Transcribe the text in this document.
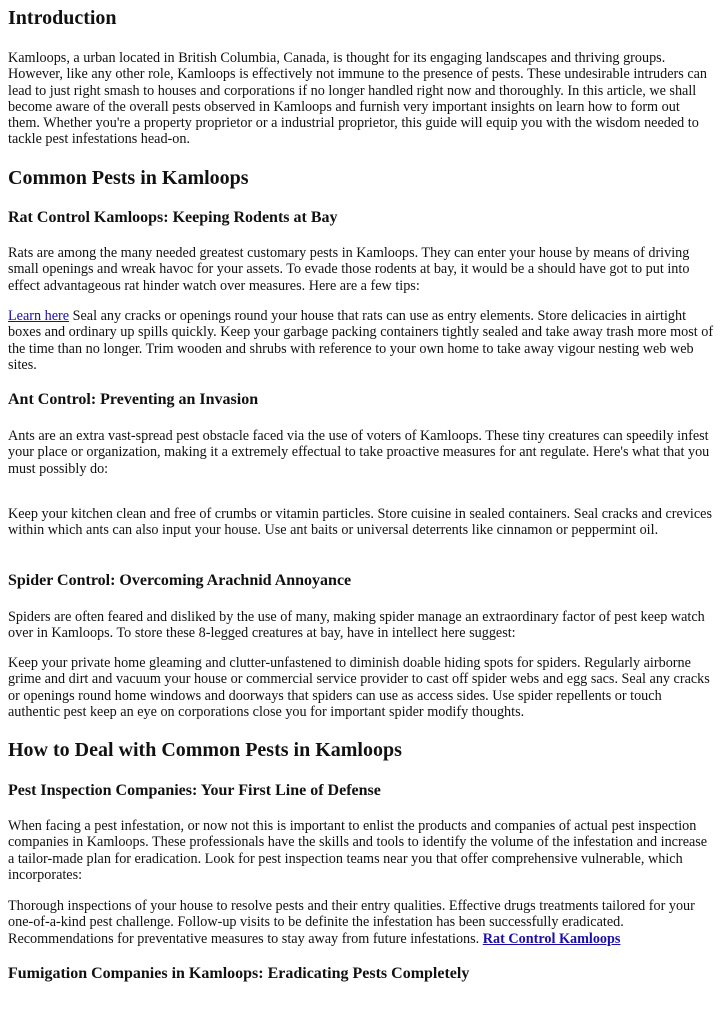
Introduction

Kamloops, a urban located in British Columbia, Canada, is thought for its engaging landscapes and thriving groups. However, like any other role, Kamloops is effectively not immune to the presence of pests. These undesirable intruders can lead to just right smash to houses and corporations if no longer handled right now and thoroughly. In this article, we shall become aware of the overall pests observed in Kamloops and furnish very important insights on learn how to form out them. Whether you're a property proprietor or a industrial proprietor, this guide will equip you with the wisdom needed to tackle pest infestations head-on.

Common Pests in Kamloops
Rat Control Kamloops: Keeping Rodents at Bay

Rats are among the many needed greatest customary pests in Kamloops. They can enter your house by means of driving small openings and wreak havoc for your assets. To evade those rodents at bay, it would be a should have got to put into effect advantageous rat hinder watch over measures. Here are a few tips:

Learn here Seal any cracks or openings round your house that rats can use as entry elements. Store delicacies in airtight boxes and ordinary up spills quickly. Keep your garbage packing containers tightly sealed and take away trash more most of the time than no longer. Trim wooden and shrubs with reference to your own home to take away vigour nesting web web sites.

Ant Control: Preventing an Invasion

Ants are an extra vast-spread pest obstacle faced via the use of voters of Kamloops. These tiny creatures can speedily infest your place or organization, making it a extremely effectual to take proactive measures for ant regulate. Here's what that you must possibly do:

Keep your kitchen clean and free of crumbs or vitamin particles. Store cuisine in sealed containers. Seal cracks and crevices within which ants can also input your house. Use ant baits or universal deterrents like cinnamon or peppermint oil.

Spider Control: Overcoming Arachnid Annoyance

Spiders are often feared and disliked by the use of many, making spider manage an extraordinary factor of pest keep watch over in Kamloops. To store these 8-legged creatures at bay, have in intellect here suggest:

Keep your private home gleaming and clutter-unfastened to diminish doable hiding spots for spiders. Regularly airborne grime and dirt and vacuum your house or commercial service provider to cast off spider webs and egg sacs. Seal any cracks or openings round home windows and doorways that spiders can use as access sides. Use spider repellents or touch authentic pest keep an eye on corporations close you for important spider modify thoughts.

How to Deal with Common Pests in Kamloops
Pest Inspection Companies: Your First Line of Defense

When facing a pest infestation, or now not this is important to enlist the products and companies of actual pest inspection companies in Kamloops. These professionals have the skills and tools to identify the volume of the infestation and increase a tailor-made plan for eradication. Look for pest inspection teams near you that offer comprehensive vulnerable, which incorporates:

Thorough inspections of your house to resolve pests and their entry qualities. Effective drugs treatments tailored for your one-of-a-kind pest challenge. Follow-up visits to be definite the infestation has been successfully eradicated. Recommendations for preventative measures to stay away from future infestations. Rat Control Kamloops

Fumigation Companies in Kamloops: Eradicating Pests Completely
